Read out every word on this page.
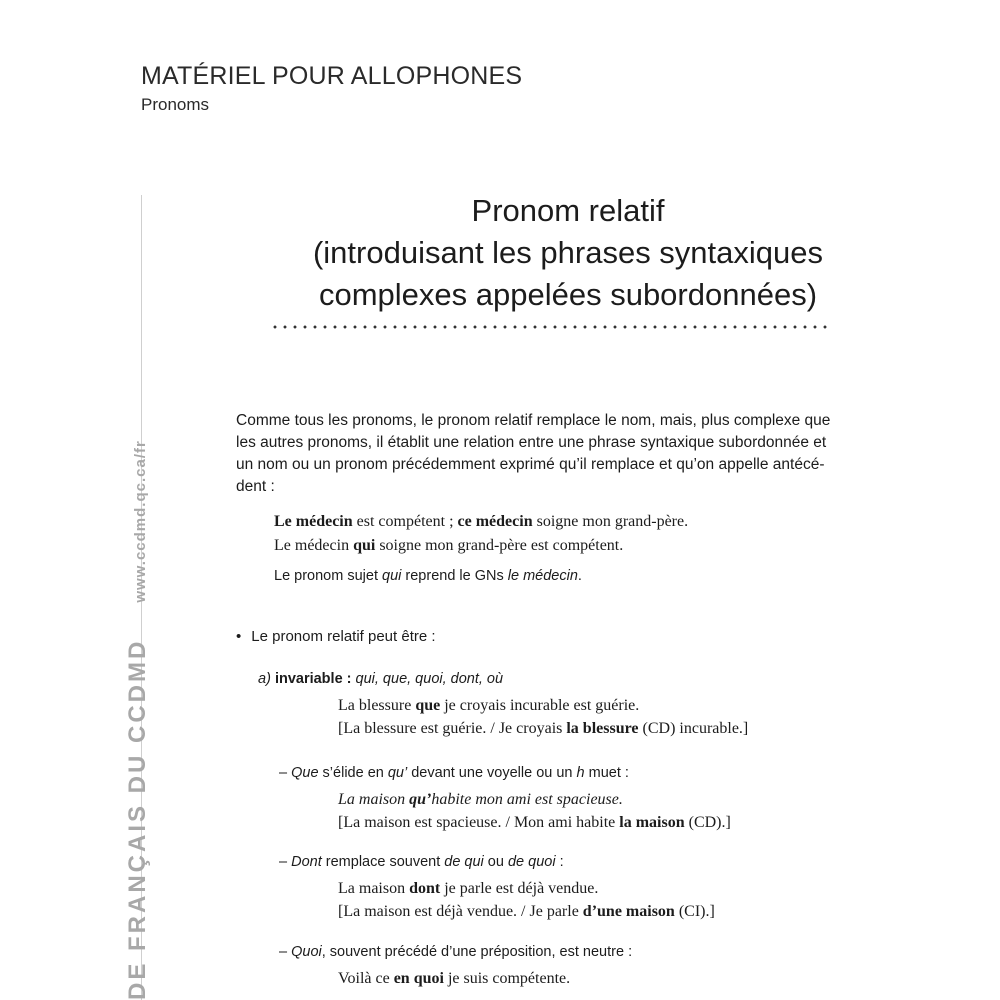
MATÉRIEL POUR ALLOPHONES
Pronoms
DE FRANÇAIS DU CCDMDwww.ccdmd.qc.ca/fr
Pronom relatif
(introduisant les phrases syntaxiques
complexes appelées subordonnées)
Comme tous les pronoms, le pronom relatif remplace le nom, mais, plus complexe que
les autres pronoms, il établit une relation entre une phrase syntaxique subordonnée et
un nom ou un pronom précédemment exprimé qu’il remplace et qu’on appelle antécé-
dent :
Le médecin est compétent ; ce médecin soigne mon grand-père.
Le médecin qui soigne mon grand-père est compétent.
Le pronom sujet qui reprend le GNs le médecin.
• Le pronom relatif peut être :
a) invariable : qui, que, quoi, dont, où
La blessure que je croyais incurable est guérie.
[La blessure est guérie. / Je croyais la blessure (CD) incurable.]
– Que s’élide en qu’ devant une voyelle ou un h muet :
La maison qu’habite mon ami est spacieuse.
[La maison est spacieuse. / Mon ami habite la maison (CD).]
– Dont remplace souvent de qui ou de quoi :
La maison dont je parle est déjà vendue.
[La maison est déjà vendue. / Je parle d’une maison (CI).]
– Quoi, souvent précédé d’une préposition, est neutre :
Voilà ce en quoi je suis compétente.
